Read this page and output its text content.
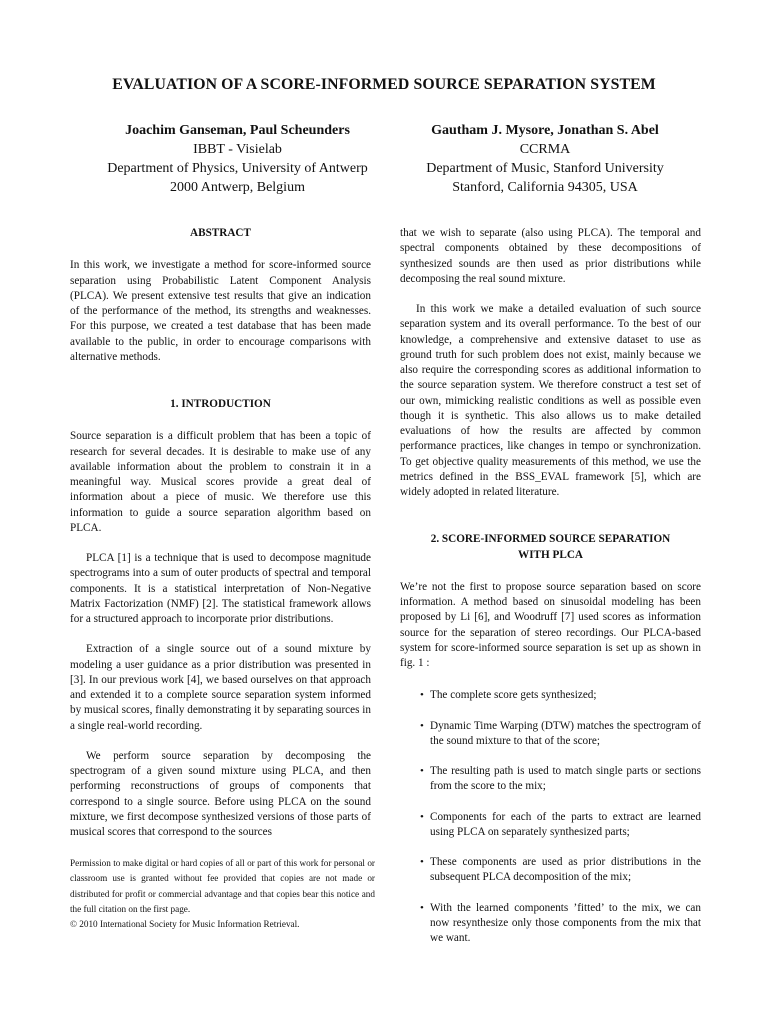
EVALUATION OF A SCORE-INFORMED SOURCE SEPARATION SYSTEM
Joachim Ganseman, Paul Scheunders
IBBT - Visielab
Department of Physics, University of Antwerp
2000 Antwerp, Belgium
Gautham J. Mysore, Jonathan S. Abel
CCRMA
Department of Music, Stanford University
Stanford, California 94305, USA
ABSTRACT

In this work, we investigate a method for score-informed source separation using Probabilistic Latent Component Analysis (PLCA). We present extensive test results that give an indication of the performance of the method, its strengths and weaknesses. For this purpose, we created a test database that has been made available to the public, in order to encourage comparisons with alternative methods.

1. INTRODUCTION

Source separation is a difficult problem that has been a topic of research for several decades. It is desirable to make use of any available information about the problem to constrain it in a meaningful way. Musical scores provide a great deal of information about a piece of music. We therefore use this information to guide a source separation algorithm based on PLCA.

PLCA [1] is a technique that is used to decompose magnitude spectrograms into a sum of outer products of spectral and temporal components. It is a statistical interpretation of Non-Negative Matrix Factorization (NMF) [2]. The statistical framework allows for a structured approach to incorporate prior distributions.

Extraction of a single source out of a sound mixture by modeling a user guidance as a prior distribution was presented in [3]. In our previous work [4], we based ourselves on that approach and extended it to a complete source separation system informed by musical scores, finally demonstrating it by separating sources in a single real-world recording.

We perform source separation by decomposing the spectrogram of a given sound mixture using PLCA, and then performing reconstructions of groups of components that correspond to a single source. Before using PLCA on the sound mixture, we first decompose synthesized versions of those parts of musical scores that correspond to the sources

Permission to make digital or hard copies of all or part of this work for personal or classroom use is granted without fee provided that copies are not made or distributed for profit or commercial advantage and that copies bear this notice and the full citation on the first page.
© 2010 International Society for Music Information Retrieval.

that we wish to separate (also using PLCA). The temporal and spectral components obtained by these decompositions of synthesized sounds are then used as prior distributions while decomposing the real sound mixture.

In this work we make a detailed evaluation of such source separation system and its overall performance. To the best of our knowledge, a comprehensive and extensive dataset to use as ground truth for such problem does not exist, mainly because we also require the corresponding scores as additional information to the source separation system. We therefore construct a test set of our own, mimicking realistic conditions as well as possible even though it is synthetic. This also allows us to make detailed evaluations of how the results are affected by common performance practices, like changes in tempo or synchronization. To get objective quality measurements of this method, we use the metrics defined in the BSS_EVAL framework [5], which are widely adopted in related literature.

2. SCORE-INFORMED SOURCE SEPARATION
WITH PLCA

We’re not the first to propose source separation based on score information. A method based on sinusoidal modeling has been proposed by Li [6], and Woodruff [7] used scores as information source for the separation of stereo recordings. Our PLCA-based system for score-informed source separation is set up as shown in fig. 1 :

• The complete score gets synthesized;
• Dynamic Time Warping (DTW) matches the spectrogram of the sound mixture to that of the score;
• The resulting path is used to match single parts or sections from the score to the mix;
• Components for each of the parts to extract are learned using PLCA on separately synthesized parts;
• These components are used as prior distributions in the subsequent PLCA decomposition of the mix;
• With the learned components ’fitted’ to the mix, we can now resynthesize only those components from the mix that we want.
